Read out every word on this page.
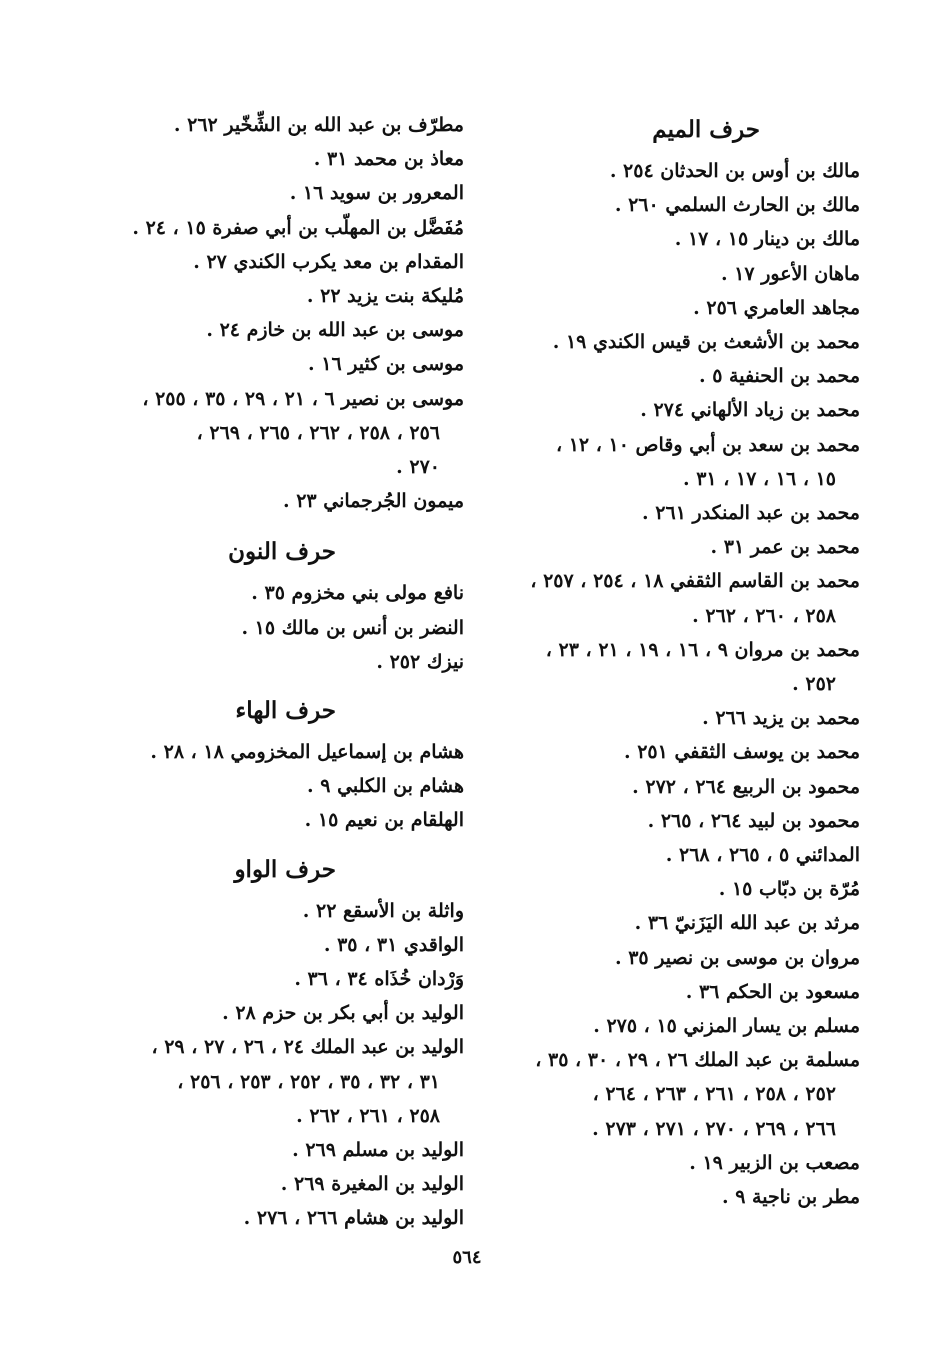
حرف الميم
مالك بن أوس بن الحدثان ٢٥٤ .
مالك بن الحارث السلمي ٢٦٠ .
مالك بن دينار ١٥ ، ١٧ .
ماهان الأعور ١٧ .
مجاهد العامري ٢٥٦ .
محمد بن الأشعث بن قيس الكندي ١٩ .
محمد بن الحنفية ٥ .
محمد بن زياد الألهاني ٢٧٤ .
محمد بن سعد بن أبي وقاص ١٠ ، ١٢ ،
١٥ ، ١٦ ، ١٧ ، ٣١ .
محمد بن عبد المنكدر ٢٦١ .
محمد بن عمر ٣١ .
محمد بن القاسم الثقفي ١٨ ، ٢٥٤ ، ٢٥٧ ،
٢٥٨ ، ٢٦٠ ، ٢٦٢ .
محمد بن مروان ٩ ، ١٦ ، ١٩ ، ٢١ ، ٢٣ ،
٢٥٢ .
محمد بن يزيد ٢٦٦ .
محمد بن يوسف الثقفي ٢٥١ .
محمود بن الربيع ٢٦٤ ، ٢٧٢ .
محمود بن لبيد ٢٦٤ ، ٢٦٥ .
المدائني ٥ ، ٢٦٥ ، ٢٦٨ .
مُرّة بن دبّاب ١٥ .
مرثد بن عبد الله اليَزَنيّ ٣٦ .
مروان بن موسى بن نصير ٣٥ .
مسعود بن الحكم ٣٦ .
مسلم بن يسار المزني ١٥ ، ٢٧٥ .
مسلمة بن عبد الملك ٢٦ ، ٢٩ ، ٣٠ ، ٣٥ ،
٢٥٢ ، ٢٥٨ ، ٢٦١ ، ٢٦٣ ، ٢٦٤ ،
٢٦٦ ، ٢٦٩ ، ٢٧٠ ، ٢٧١ ، ٢٧٣ .
مصعب بن الزبير ١٩ .
مطر بن ناجية ٩ .
مطرّف بن عبد الله بن الشِّخّير ٢٦٢ .
معاذ بن محمد ٣١ .
المعرور بن سويد ١٦ .
مُفَضَّل بن المهلّب بن أبي صفرة ١٥ ، ٢٤ .
المقدام بن معد يكرب الكندي ٢٧ .
مُليكة بنت يزيد ٢٢ .
موسى بن عبد الله بن خازم ٢٤ .
موسى بن كثير ١٦ .
موسى بن نصير ٦ ، ٢١ ، ٢٩ ، ٣٥ ، ٢٥٥ ،
٢٥٦ ، ٢٥٨ ، ٢٦٢ ، ٢٦٥ ، ٢٦٩ ،
٢٧٠ .
ميمون الجُرجماني ٢٣ .
حرف النون
نافع مولى بني مخزوم ٣٥ .
النضر بن أنس بن مالك ١٥ .
نيزك ٢٥٢ .
حرف الهاء
هشام بن إسماعيل المخزومي ١٨ ، ٢٨ .
هشام بن الكلبي ٩ .
الهلقام بن نعيم ١٥ .
حرف الواو
واثلة بن الأسقع ٢٢ .
الواقدي ٣١ ، ٣٥ .
وَرْدان خُذَاه ٣٤ ، ٣٦ .
الوليد بن أبي بكر بن حزم ٢٨ .
الوليد بن عبد الملك ٢٤ ، ٢٦ ، ٢٧ ، ٢٩ ،
٣١ ، ٣٢ ، ٣٥ ، ٢٥٢ ، ٢٥٣ ، ٢٥٦ ،
٢٥٨ ، ٢٦١ ، ٢٦٢ .
الوليد بن مسلم ٢٦٩ .
الوليد بن المغيرة ٢٦٩ .
الوليد بن هشام ٢٦٦ ، ٢٧٦ .
٥٦٤
